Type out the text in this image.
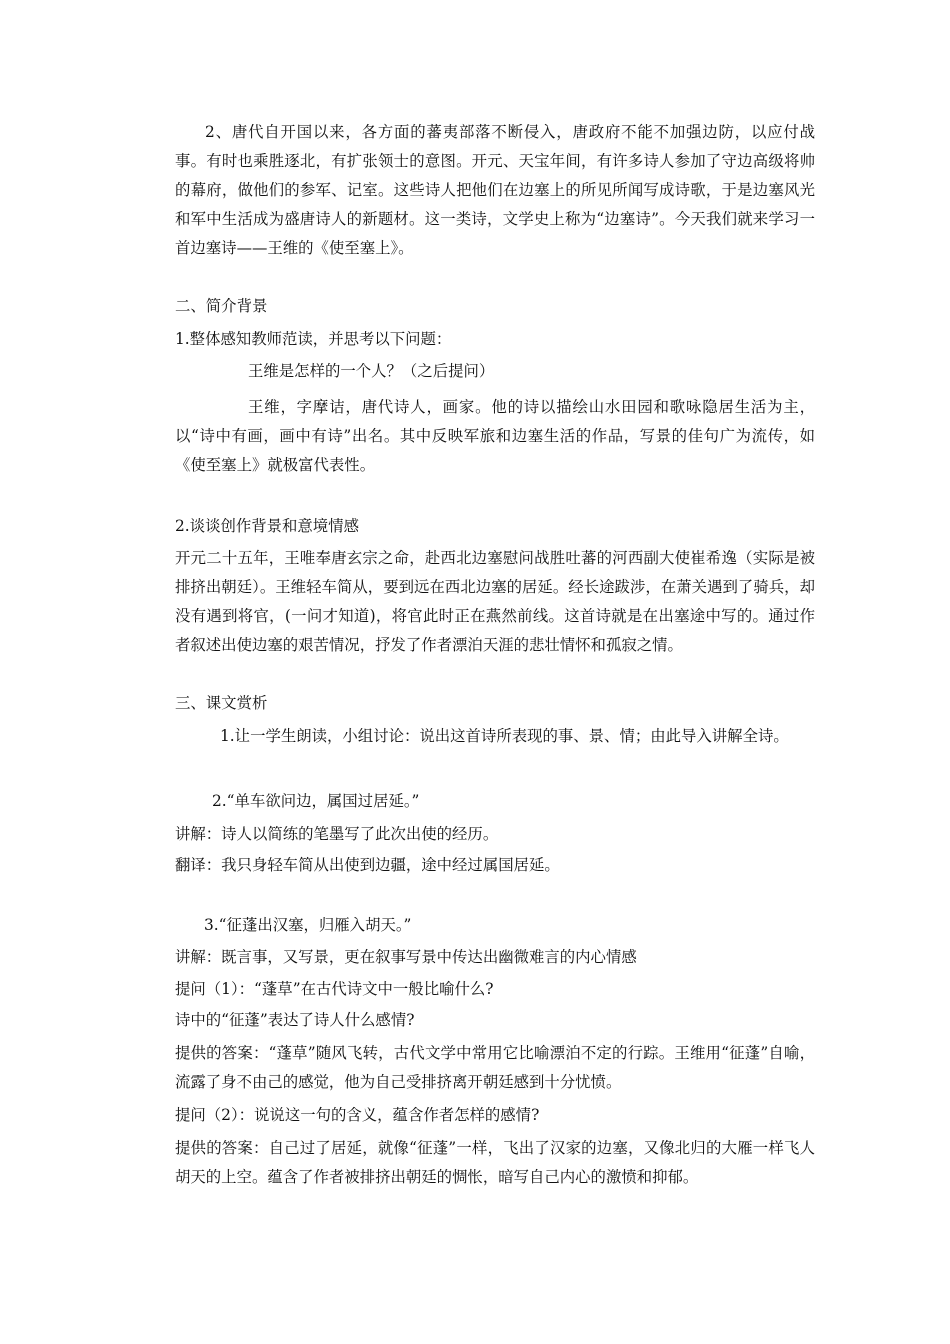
2、唐代自开国以来，各方面的蕃夷部落不断侵入，唐政府不能不加强边防，以应付战事。有时也乘胜逐北，有扩张领士的意图。开元、天宝年间，有许多诗人参加了守边高级将帅的幕府，做他们的参军、记室。这些诗人把他们在边塞上的所见所闻写成诗歌，于是边塞风光和军中生活成为盛唐诗人的新题材。这一类诗，文学史上称为“边塞诗”。今天我们就来学习一首边塞诗——王维的《使至塞上》。

二、简介背景

1.整体感知教师范读，并思考以下问题：

王维是怎样的一个人？（之后提问）

王维，字摩诘，唐代诗人，画家。他的诗以描绘山水田园和歌咏隐居生活为主，以“诗中有画，画中有诗”出名。其中反映军旅和边塞生活的作品，写景的佳句广为流传，如《使至塞上》就极富代表性。

2.谈谈创作背景和意境情感

开元二十五年，王唯奉唐玄宗之命，赴西北边塞慰问战胜吐蕃的河西副大使崔希逸（实际是被排挤出朝廷）。王维轻车简从，要到远在西北边塞的居延。经长途跋涉，在萧关遇到了骑兵，却没有遇到将官，(一问才知道)，将官此时正在燕然前线。这首诗就是在出塞途中写的。通过作者叙述出使边塞的艰苦情况，抒发了作者漂泊天涯的悲壮情怀和孤寂之情。

三、课文赏析

1.让一学生朗读，小组讨论：说出这首诗所表现的事、景、情；由此导入讲解全诗。

2.“单车欲问边，属国过居延。”

讲解：诗人以简练的笔墨写了此次出使的经历。

翻译：我只身轻车简从出使到边疆，途中经过属国居延。

3.“征蓬出汉塞，归雁入胡天。”

讲解：既言事，又写景，更在叙事写景中传达出幽微难言的内心情感

提问（1）：“蓬草”在古代诗文中一般比喻什么?

诗中的“征蓬”表达了诗人什么感情?

提供的答案：“蓬草”随风飞转，古代文学中常用它比喻漂泊不定的行踪。王维用“征蓬”自喻，流露了身不由己的感觉，他为自己受排挤离开朝廷感到十分忧愤。

提问（2）：说说这一句的含义，蕴含作者怎样的感情?

提供的答案：自己过了居延，就像“征蓬”一样，飞出了汉家的边塞，又像北归的大雁一样飞人胡天的上空。蕴含了作者被排挤出朝廷的惆怅，暗写自己内心的激愤和抑郁。
